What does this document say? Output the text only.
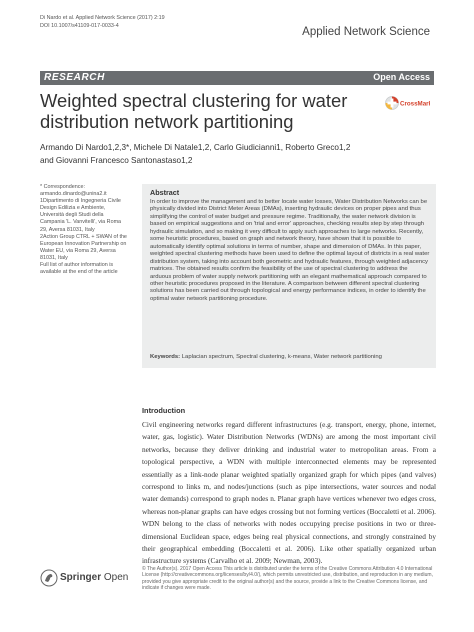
Di Nardo et al. Applied Network Science (2017) 2:19
DOI 10.1007/s41109-017-0033-4	Applied Network Science
RESEARCH	Open Access
Weighted spectral clustering for water distribution network partitioning
CrossMark
Armando Di Nardo1,2,3*, Michele Di Natale1,2, Carlo Giudicianni1, Roberto Greco1,2
and Giovanni Francesco Santonastaso1,2
* Correspondence:
armando.dinardo@unina2.it
1Dipartimento di Ingegneria Civile Design Edilizia e Ambiente, Università degli Studi della Campania 'L. Vanvitelli', via Roma 29, Aversa 81031, Italy
2Action Group CTRL + SWAN of the European Innovation Partnership on Water EU, via Roma 29, Aversa 81031, Italy
Full list of author information is available at the end of the article
Abstract
In order to improve the management and to better locate water losses, Water Distribution Networks can be physically divided into District Meter Areas (DMAs), inserting hydraulic devices on proper pipes and thus simplifying the control of water budget and pressure regime. Traditionally, the water network division is based on empirical suggestions and on 'trial and error' approaches, checking results step by step through hydraulic simulation, and so making it very difficult to apply such approaches to large networks. Recently, some heuristic procedures, based on graph and network theory, have shown that it is possible to automatically identify optimal solutions in terms of number, shape and dimension of DMAs. In this paper, weighted spectral clustering methods have been used to define the optimal layout of districts in a real water distribution system, taking into account both geometric and hydraulic features, through weighted adjacency matrices. The obtained results confirm the feasibility of the use of spectral clustering to address the arduous problem of water supply network partitioning with an elegant mathematical approach compared to other heuristic procedures proposed in the literature. A comparison between different spectral clustering solutions has been carried out through topological and energy performance indices, in order to identify the optimal water network partitioning procedure.
Keywords: Laplacian spectrum, Spectral clustering, k-means, Water network partitioning
Introduction
Civil engineering networks regard different infrastructures (e.g. transport, energy, phone, internet, water, gas, logistic). Water Distribution Networks (WDNs) are among the most important civil networks, because they deliver drinking and industrial water to metropolitan areas. From a topological perspective, a WDN with multiple interconnected elements may be represented essentially as a link-node planar weighted spatially organized graph for which pipes (and valves) correspond to links m, and nodes/junctions (such as pipe intersections, water sources and nodal water demands) correspond to graph nodes n. Planar graph have vertices whenever two edges cross, whereas non-planar graphs can have edges crossing but not forming vertices (Boccaletti et al. 2006). WDN belong to the class of networks with nodes occupying precise positions in two or three-dimensional Euclidean space, edges being real physical connections, and strongly constrained by their geographical embedding (Boccaletti et al. 2006). Like other spatially organized urban infrastructure systems (Carvalho et al. 2009; Newman, 2003).
Springer Open
© The Author(s). 2017 Open Access This article is distributed under the terms of the Creative Commons Attribution 4.0 International License (http://creativecommons.org/licenses/by/4.0/), which permits unrestricted use, distribution, and reproduction in any medium, provided you give appropriate credit to the original author(s) and the source, provide a link to the Creative Commons license, and indicate if changes were made.
